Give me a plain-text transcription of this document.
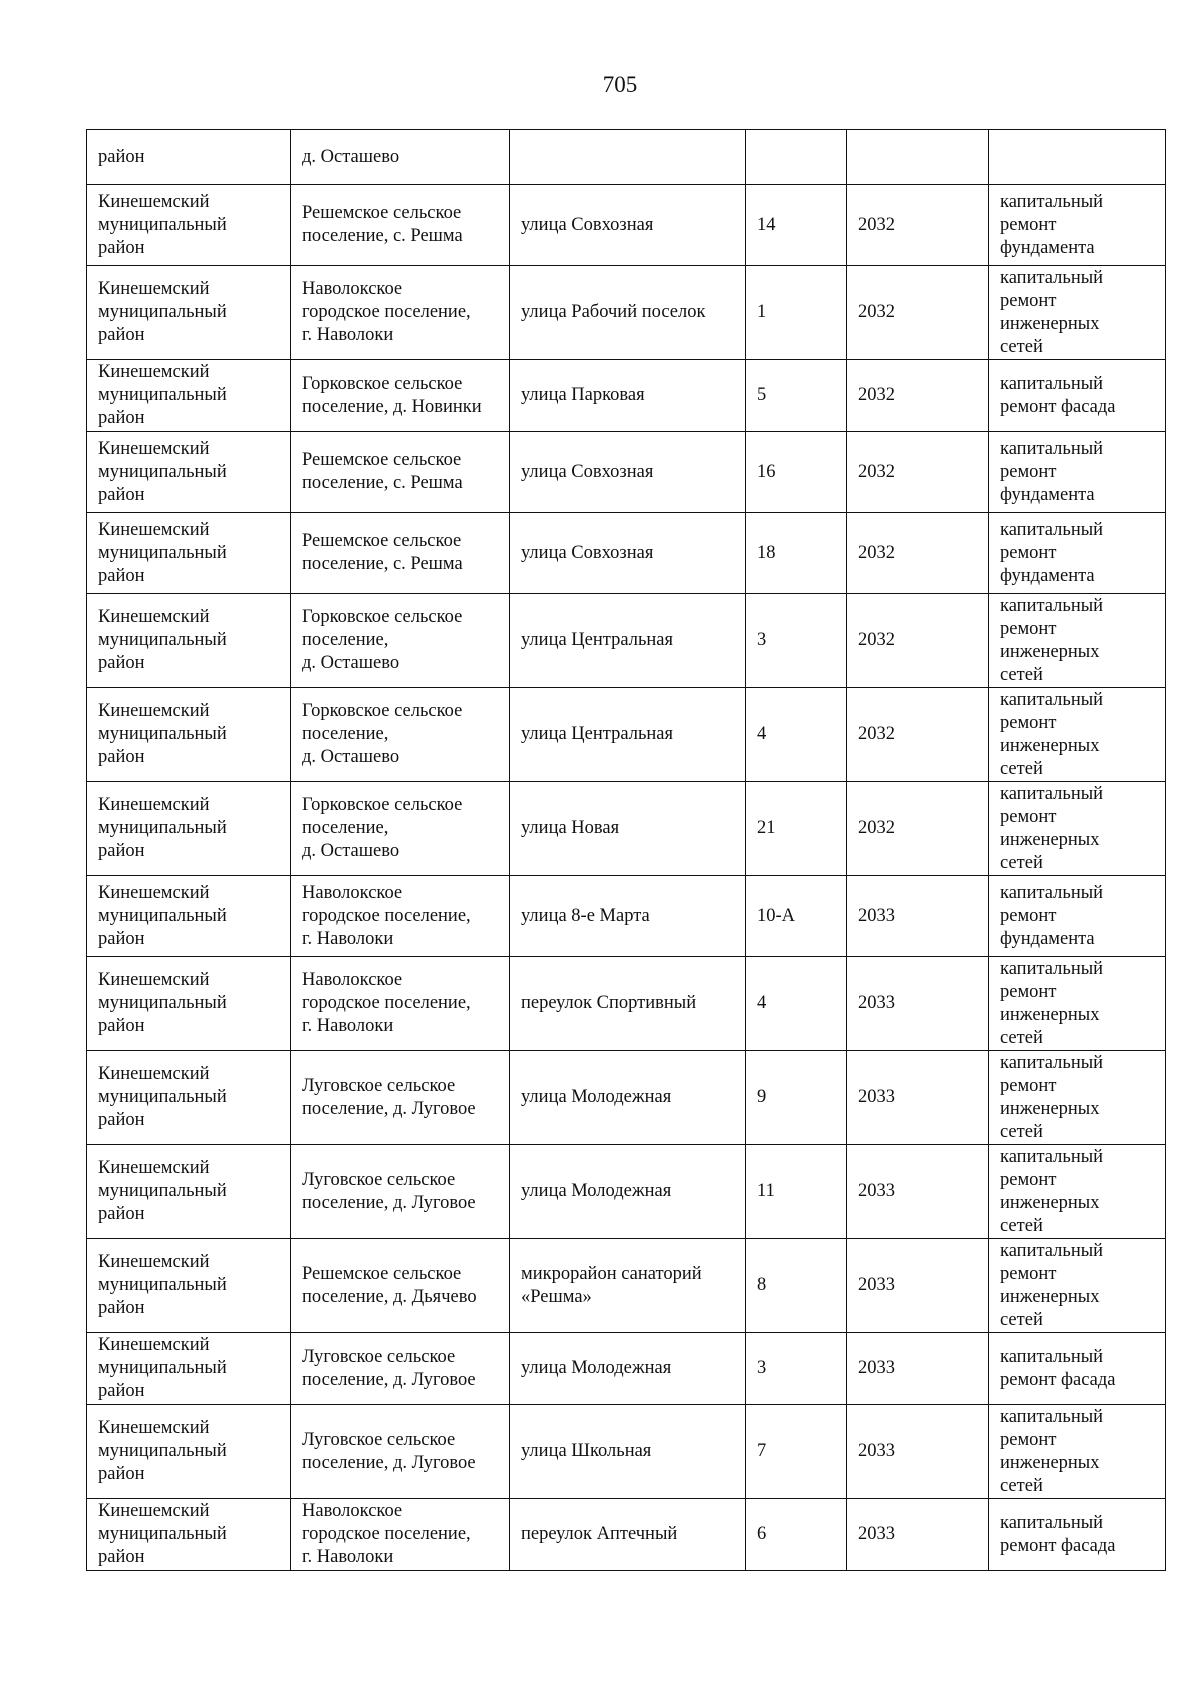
705
район	д. Осташево				
Кинешемский
муниципальный
район	Решемское сельское
поселение, с. Решма	улица Совхозная	14	2032	капитальный
ремонт
фундамента
Кинешемский
муниципальный
район	Наволокское
городское поселение,
г. Наволоки	улица Рабочий поселок	1	2032	капитальный
ремонт
инженерных
сетей
Кинешемский
муниципальный
район	Горковское сельское
поселение, д. Новинки	улица Парковая	5	2032	капитальный
ремонт фасада
Кинешемский
муниципальный
район	Решемское сельское
поселение, с. Решма	улица Совхозная	16	2032	капитальный
ремонт
фундамента
Кинешемский
муниципальный
район	Решемское сельское
поселение, с. Решма	улица Совхозная	18	2032	капитальный
ремонт
фундамента
Кинешемский
муниципальный
район	Горковское сельское
поселение,
д. Осташево	улица Центральная	3	2032	капитальный
ремонт
инженерных
сетей
Кинешемский
муниципальный
район	Горковское сельское
поселение,
д. Осташево	улица Центральная	4	2032	капитальный
ремонт
инженерных
сетей
Кинешемский
муниципальный
район	Горковское сельское
поселение,
д. Осташево	улица Новая	21	2032	капитальный
ремонт
инженерных
сетей
Кинешемский
муниципальный
район	Наволокское
городское поселение,
г. Наволоки	улица 8-е Марта	10-А	2033	капитальный
ремонт
фундамента
Кинешемский
муниципальный
район	Наволокское
городское поселение,
г. Наволоки	переулок Спортивный	4	2033	капитальный
ремонт
инженерных
сетей
Кинешемский
муниципальный
район	Луговское сельское
поселение, д. Луговое	улица Молодежная	9	2033	капитальный
ремонт
инженерных
сетей
Кинешемский
муниципальный
район	Луговское сельское
поселение, д. Луговое	улица Молодежная	11	2033	капитальный
ремонт
инженерных
сетей
Кинешемский
муниципальный
район	Решемское сельское
поселение, д. Дьячево	микрорайон санаторий
«Решма»	8	2033	капитальный
ремонт
инженерных
сетей
Кинешемский
муниципальный
район	Луговское сельское
поселение, д. Луговое	улица Молодежная	3	2033	капитальный
ремонт фасада
Кинешемский
муниципальный
район	Луговское сельское
поселение, д. Луговое	улица Школьная	7	2033	капитальный
ремонт
инженерных
сетей
Кинешемский
муниципальный
район	Наволокское
городское поселение,
г. Наволоки	переулок Аптечный	6	2033	капитальный
ремонт фасада
